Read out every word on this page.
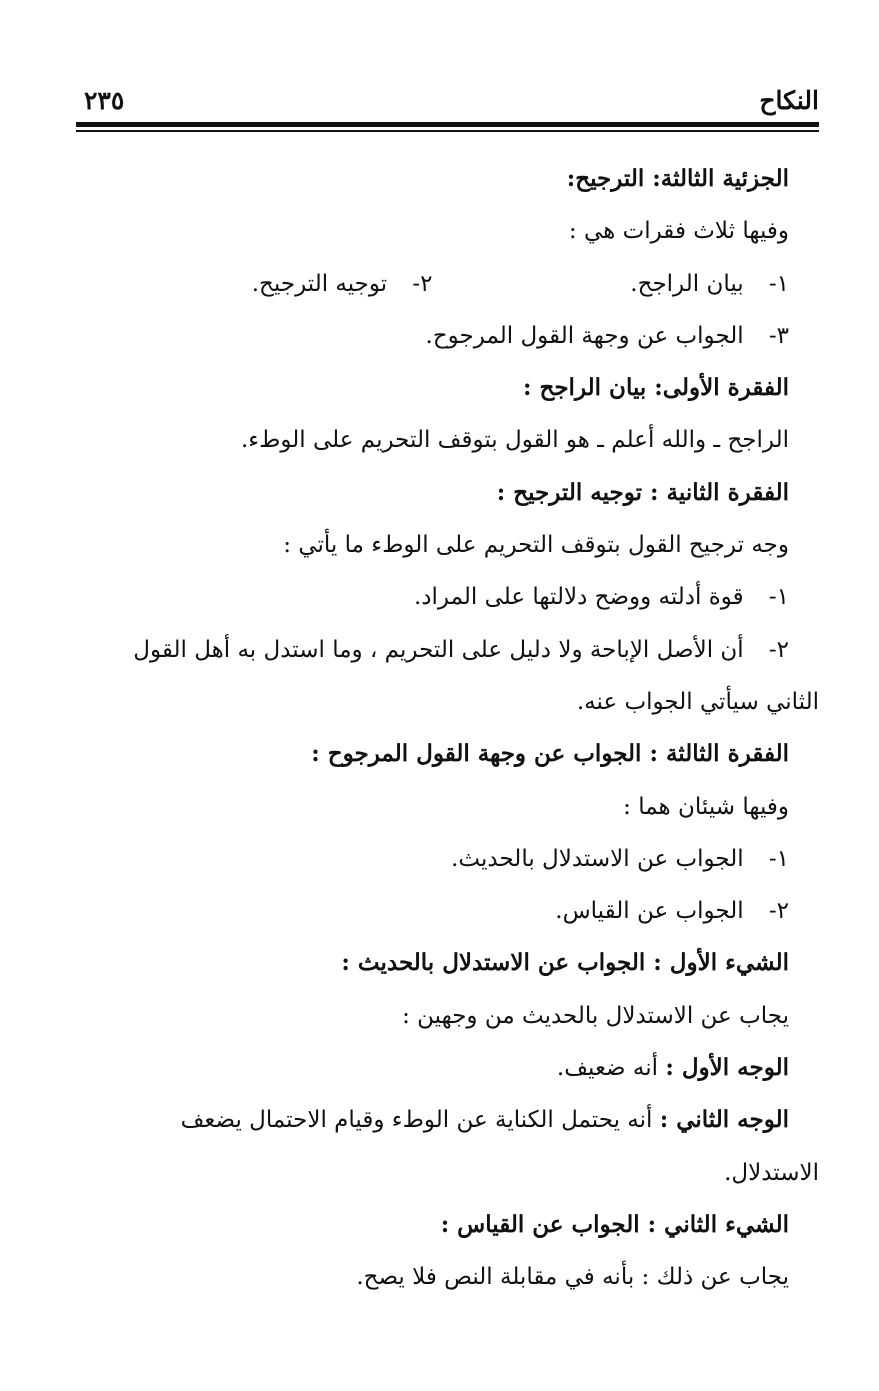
النكاح
٢٣٥

الجزئية الثالثة: الترجيح:

وفيها ثلاث فقرات هي :

١- بيان الراجح.

٢- توجيه الترجيح.

٣- الجواب عن وجهة القول المرجوح.

الفقرة الأولى: بيان الراجح :

الراجح ـ والله أعلم ـ هو القول بتوقف التحريم على الوطء.

الفقرة الثانية : توجيه الترجيح :

وجه ترجيح القول بتوقف التحريم على الوطء ما يأتي :

١- قوة أدلته ووضح دلالتها على المراد.

٢- أن الأصل الإباحة ولا دليل على التحريم ، وما استدل به أهل القول

الثاني سيأتي الجواب عنه.

الفقرة الثالثة : الجواب عن وجهة القول المرجوح :

وفيها شيئان هما :

١- الجواب عن الاستدلال بالحديث.

٢- الجواب عن القياس.

الشيء الأول : الجواب عن الاستدلال بالحديث :

يجاب عن الاستدلال بالحديث من وجهين :

الوجه الأول : أنه ضعيف.

الوجه الثاني : أنه يحتمل الكناية عن الوطء وقيام الاحتمال يضعف

الاستدلال.

الشيء الثاني : الجواب عن القياس :

يجاب عن ذلك : بأنه في مقابلة النص فلا يصح.
